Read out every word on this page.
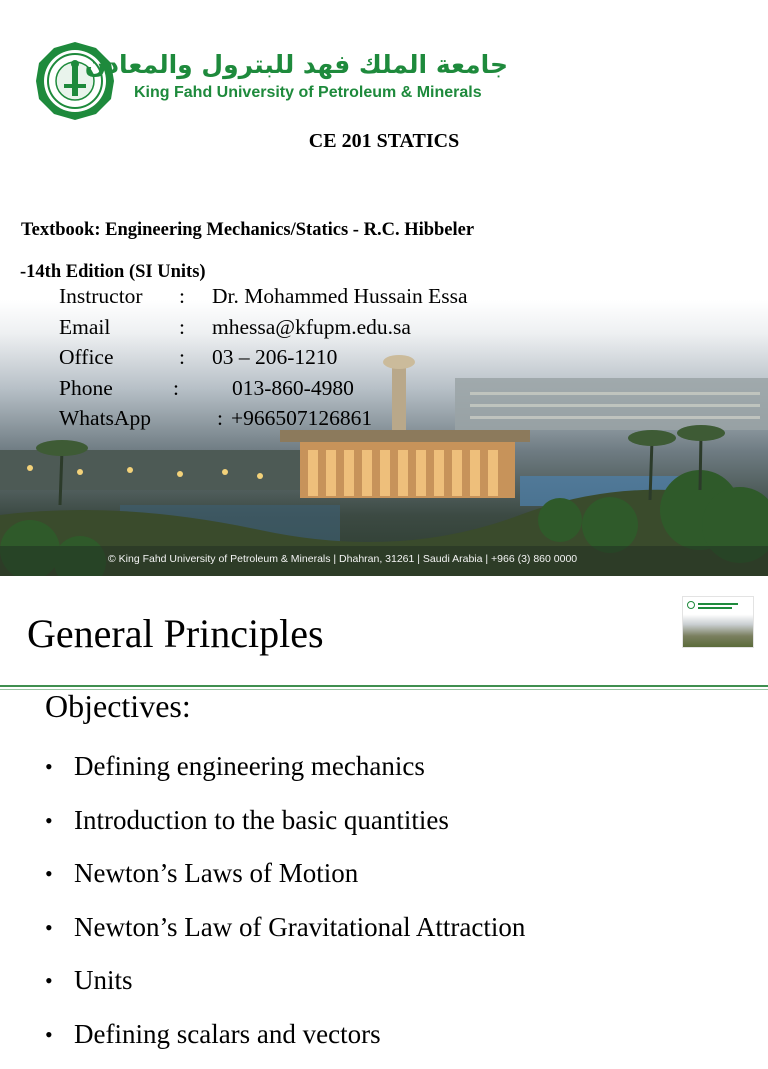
جامعة الملك فهد للبترول والمعادن
King Fahd University of Petroleum & Minerals
CE 201 STATICS
Textbook: Engineering Mechanics/Statics - R.C. Hibbeler
-14th Edition (SI Units)
Instructor : Dr. Mohammed Hussain Essa
Email	: mhessa@kfupm.edu.sa
Office	: 03 – 206-1210
Phone	: 013-860-4980
WhatsApp	: +966507126861
© King Fahd University of Petroleum & Minerals | Dhahran, 31261 | Saudi Arabia | +966 (3) 860 0000
General Principles
Objectives:
• Defining engineering mechanics
• Introduction to the basic quantities
• Newton’s Laws of Motion
• Newton’s Law of Gravitational Attraction
• Units
• Defining scalars and vectors
